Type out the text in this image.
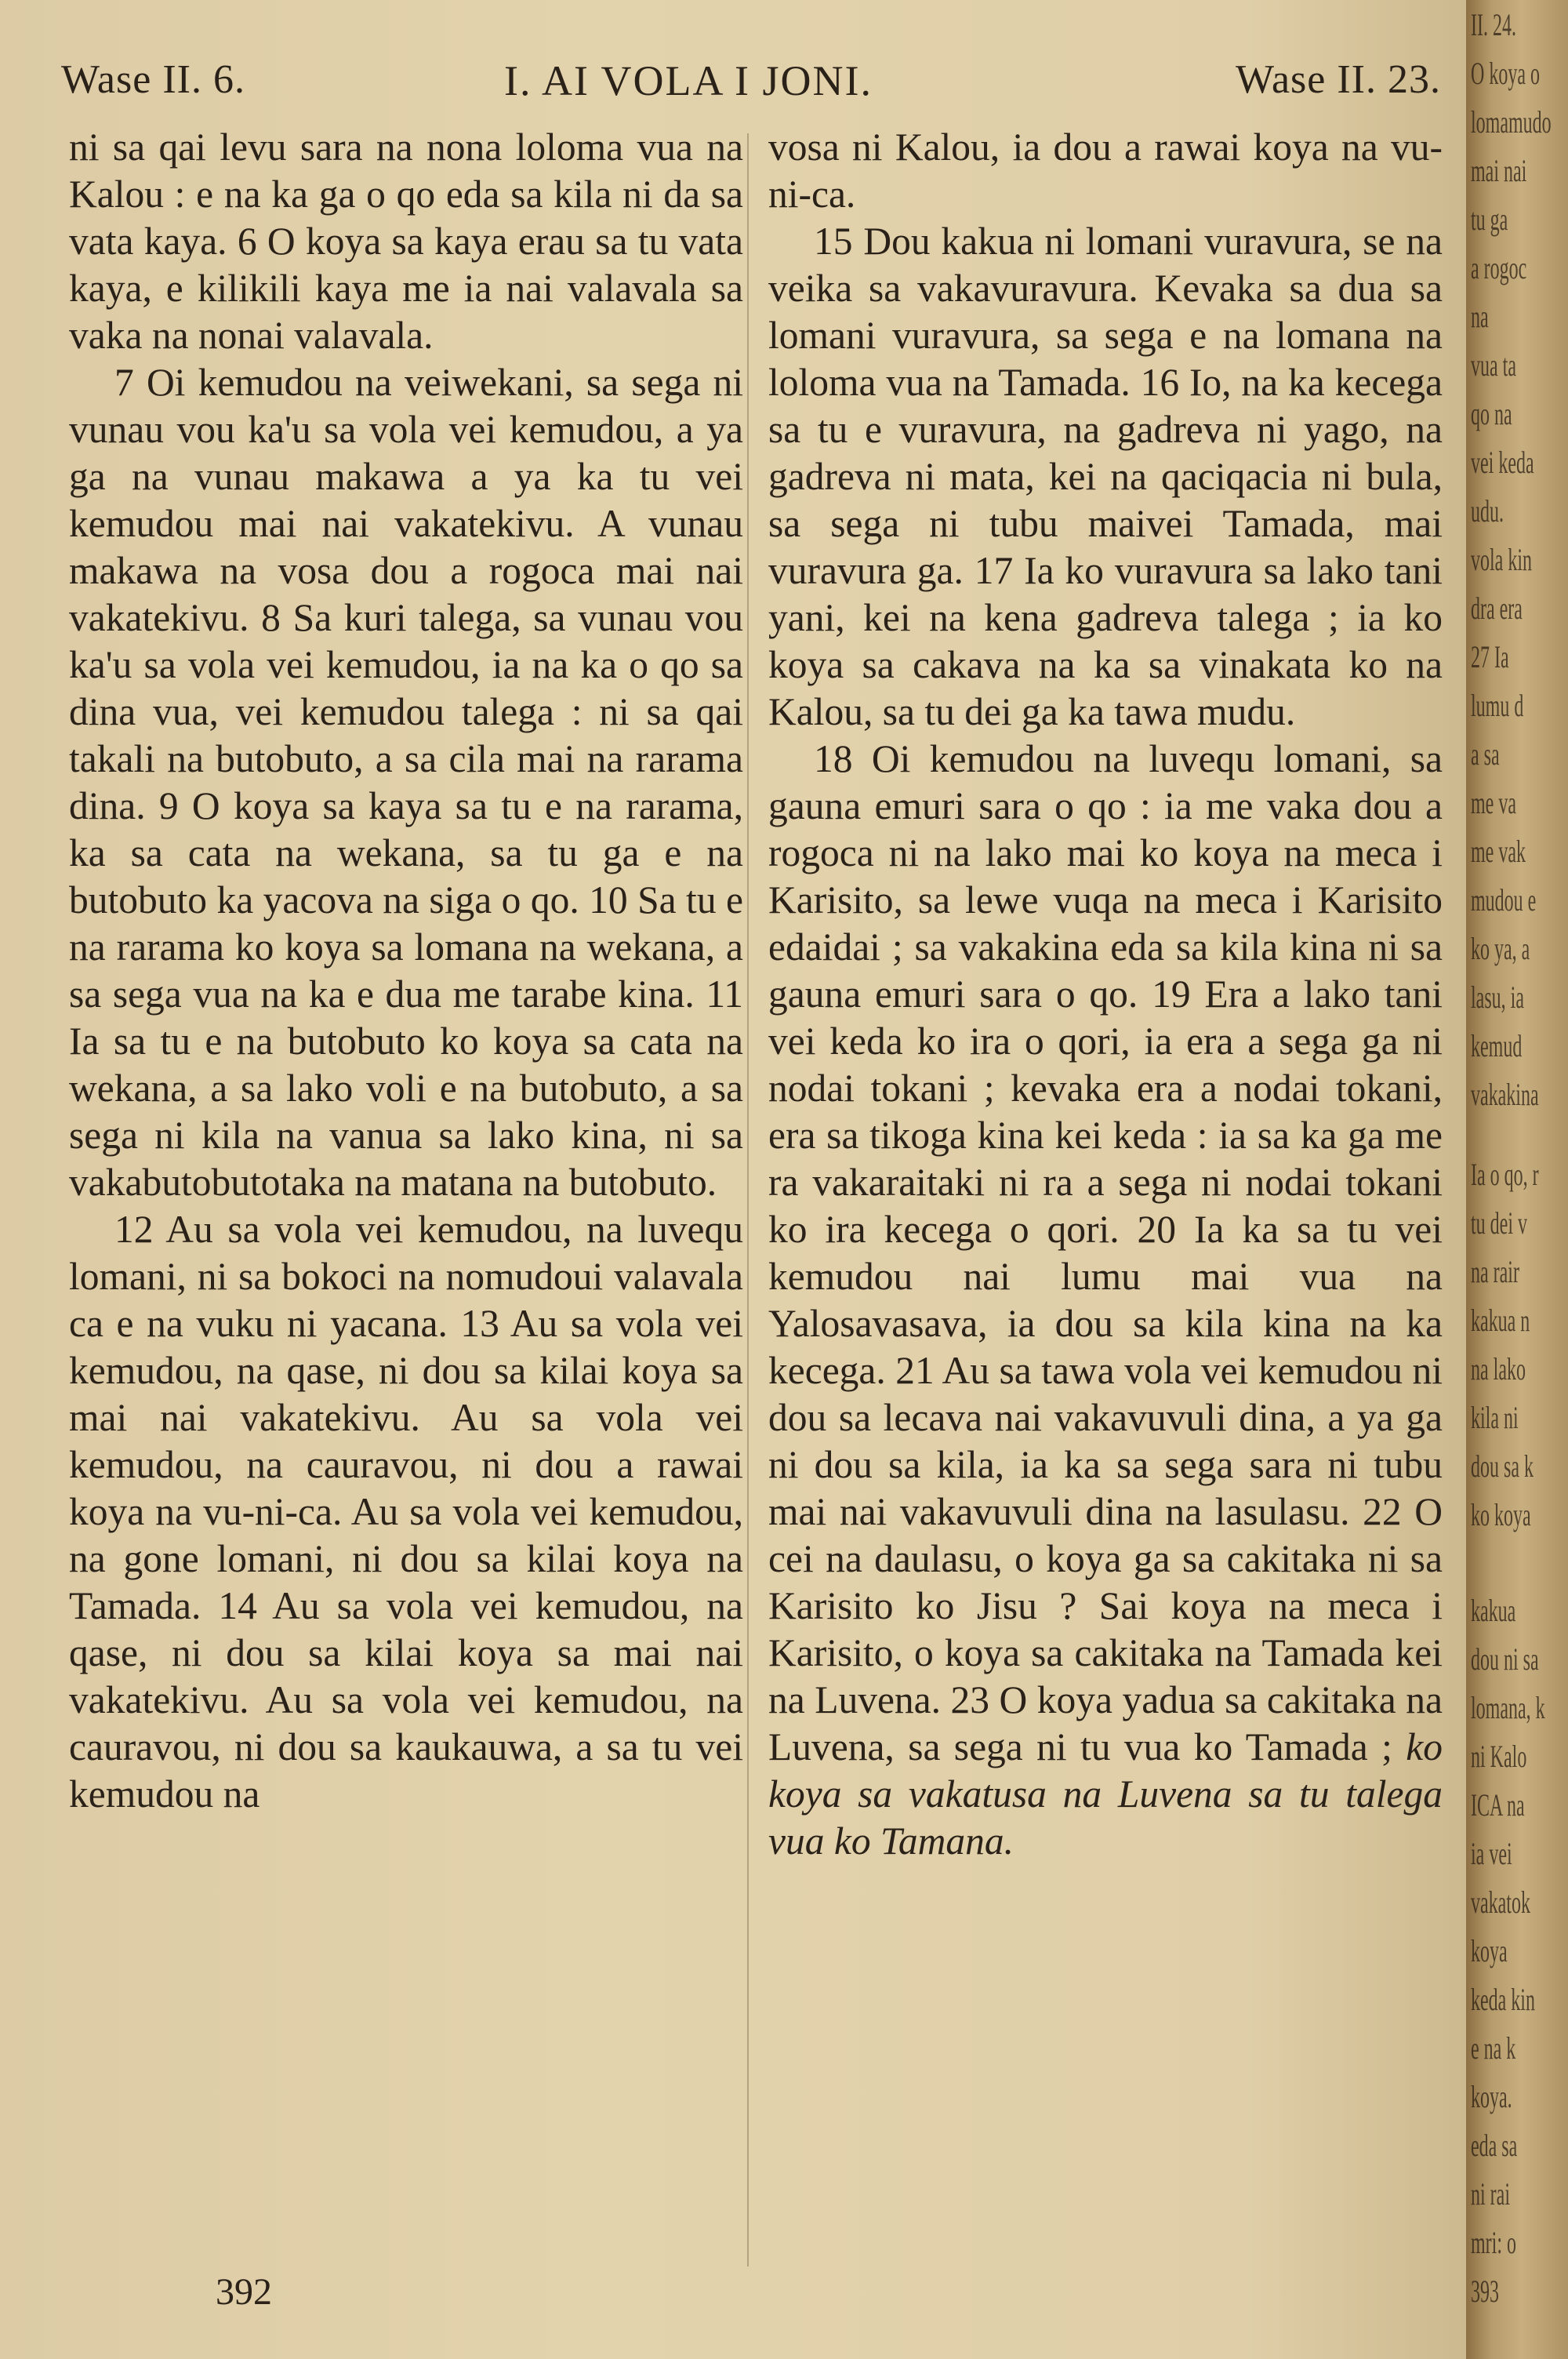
Wase II. 6.	I. AI VOLA I JONI.	Wase II. 23.

ni sa qai levu sara na nona loloma vua na Kalou : e na ka ga o qo eda sa kila ni da sa vata kaya. 6 O koya sa kaya erau sa tu vata kaya, e kilikili kaya me ia nai valavala sa vaka na nonai valavala.

7 Oi kemudou na veiwekani, sa sega ni vunau vou ka'u sa vola vei kemudou, a ya ga na vunau makawa a ya ka tu vei kemudou mai nai vakatekivu. A vunau makawa na vosa dou a rogoca mai nai vakatekivu. 8 Sa kuri talega, sa vunau vou ka'u sa vola vei kemudou, ia na ka o qo sa dina vua, vei kemudou talega : ni sa qai takali na butobuto, a sa cila mai na rarama dina. 9 O koya sa kaya sa tu e na rarama, ka sa cata na wekana, sa tu ga e na butobuto ka yacova na siga o qo. 10 Sa tu e na rarama ko koya sa lomana na wekana, a sa sega vua na ka e dua me tarabe kina. 11 Ia sa tu e na butobuto ko koya sa cata na wekana, a sa lako voli e na butobuto, a sa sega ni kila na vanua sa lako kina, ni sa vakabutobutotaka na matana na butobuto.

12 Au sa vola vei kemudou, na luvequ lomani, ni sa bokoci na nomudoui valavala ca e na vuku ni yacana. 13 Au sa vola vei kemudou, na qase, ni dou sa kilai koya sa mai nai vakatekivu. Au sa vola vei kemudou, na cauravou, ni dou a rawai koya na vu-ni-ca. Au sa vola vei kemudou, na gone lomani, ni dou sa kilai koya na Tamada. 14 Au sa vola vei kemudou, na qase, ni dou sa kilai koya sa mai nai vakatekivu. Au sa vola vei kemudou, na cauravou, ni dou sa kaukauwa, a sa tu vei kemudou na

vosa ni Kalou, ia dou a rawai koya na vu-ni-ca.

15 Dou kakua ni lomani vuravura, se na veika sa vakavuravura. Kevaka sa dua sa lomani vuravura, sa sega e na lomana na loloma vua na Tamada. 16 Io, na ka kecega sa tu e vuravura, na gadreva ni yago, na gadreva ni mata, kei na qaciqacia ni bula, sa sega ni tubu maivei Tamada, mai vuravura ga. 17 Ia ko vuravura sa lako tani yani, kei na kena gadreva talega ; ia ko koya sa cakava na ka sa vinakata ko na Kalou, sa tu dei ga ka tawa mudu.

18 Oi kemudou na luvequ lomani, sa gauna emuri sara o qo : ia me vaka dou a rogoca ni na lako mai ko koya na meca i Karisito, sa lewe vuqa na meca i Karisito edaidai ; sa vakakina eda sa kila kina ni sa gauna emuri sara o qo. 19 Era a lako tani vei keda ko ira o qori, ia era a sega ga ni nodai tokani ; kevaka era a nodai tokani, era sa tikoga kina kei keda : ia sa ka ga me ra vakaraitaki ni ra a sega ni nodai tokani ko ira kecega o qori. 20 Ia ka sa tu vei kemudou nai lumu mai vua na Yalosavasava, ia dou sa kila kina na ka kecega. 21 Au sa tawa vola vei kemudou ni dou sa lecava nai vakavuvuli dina, a ya ga ni dou sa kila, ia ka sa sega sara ni tubu mai nai vakavuvuli dina na lasulasu. 22 O cei na daulasu, o koya ga sa cakitaka ni sa Karisito ko Jisu ? Sai koya na meca i Karisito, o koya sa cakitaka na Tamada kei na Luvena. 23 O koya yadua sa cakitaka na Luvena, sa sega ni tu vua ko Tamada ; ko koya sa vakatusa na Luvena sa tu talega vua ko Tamana.

392
II. 24.
O koya o
lomamudo
mai nai
tu ga
a rogoc
na
vua ta
qo na
vei keda
udu.
vola kin
dra era
27 Ia
lumu d
a sa
me va
me vak
mudou e
ko ya, a
lasu, ia
kemud
vakakina
Ia o qo, r
tu dei v
na rair
kakua n
na lako
kila ni
dou sa k
ko koya
kakua
dou ni sa
lomana, k
ni Kalo
ICA na
ia vei
vakatok
koya
keda kin
e na k
koya.
eda sa
ni rai
mri: o
393
